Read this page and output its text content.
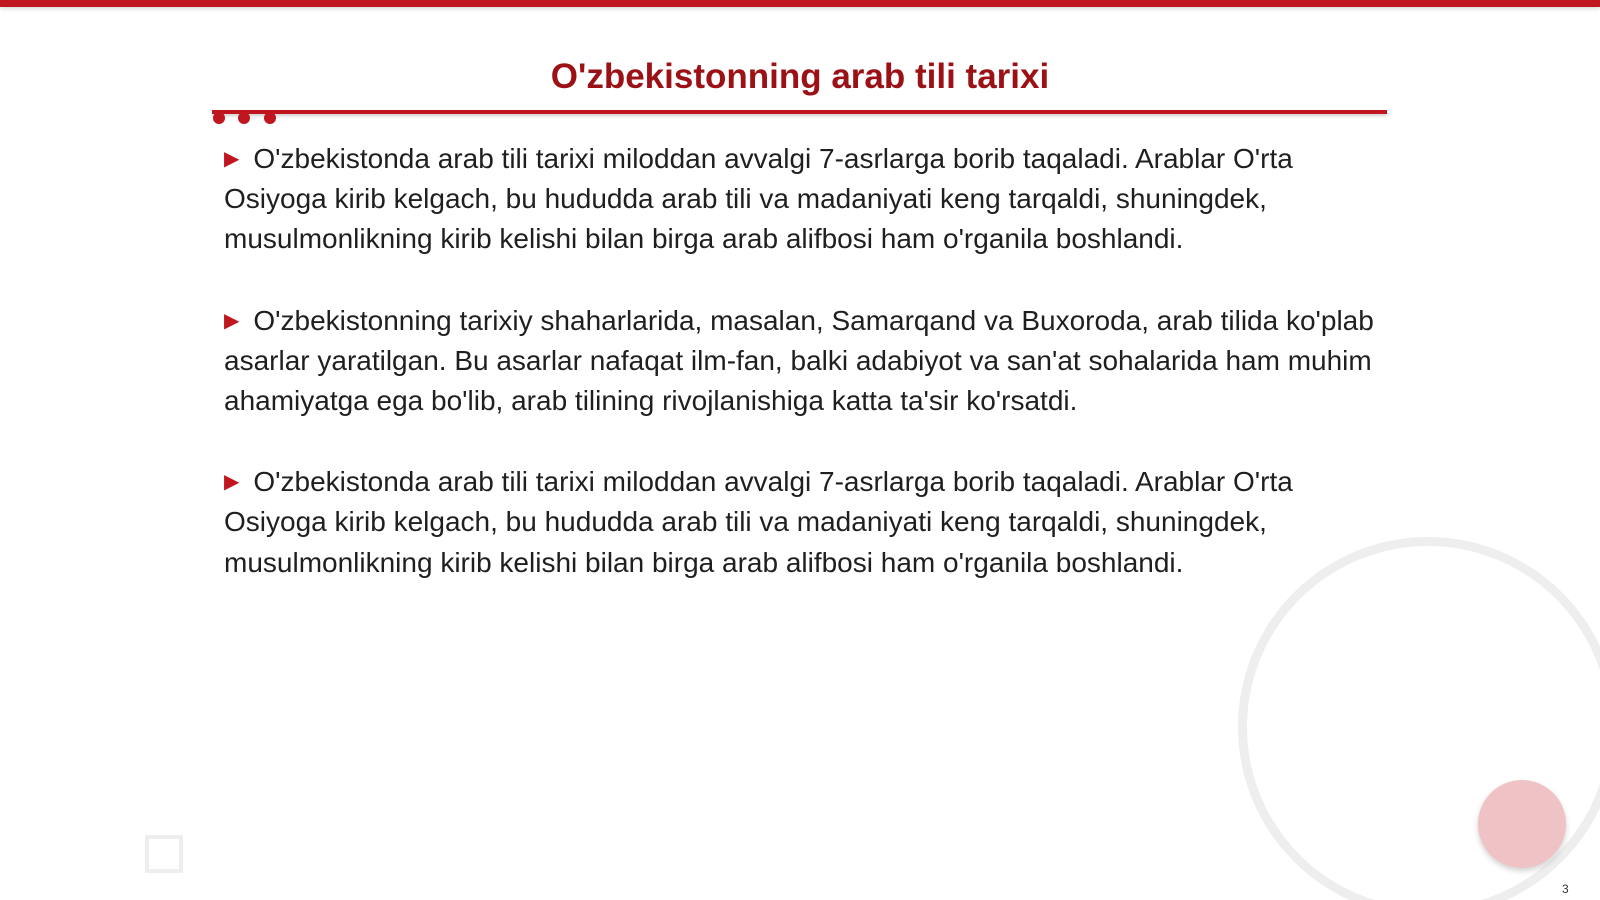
O'zbekistonning arab tili tarixi

▶ O'zbekistonda arab tili tarixi miloddan avvalgi 7-asrlarga borib taqaladi. Arablar O'rta Osiyoga kirib kelgach, bu hududda arab tili va madaniyati keng tarqaldi, shuningdek, musulmonlikning kirib kelishi bilan birga arab alifbosi ham o'rganila boshlandi.

▶ O'zbekistonning tarixiy shaharlarida, masalan, Samarqand va Buxoroda, arab tilida ko'plab asarlar yaratilgan. Bu asarlar nafaqat ilm-fan, balki adabiyot va san'at sohalarida ham muhim ahamiyatga ega bo'lib, arab tilining rivojlanishiga katta ta'sir ko'rsatdi.

▶ O'zbekistonda arab tili tarixi miloddan avvalgi 7-asrlarga borib taqaladi. Arablar O'rta Osiyoga kirib kelgach, bu hududda arab tili va madaniyati keng tarqaldi, shuningdek, musulmonlikning kirib kelishi bilan birga arab alifbosi ham o'rganila boshlandi.

3
